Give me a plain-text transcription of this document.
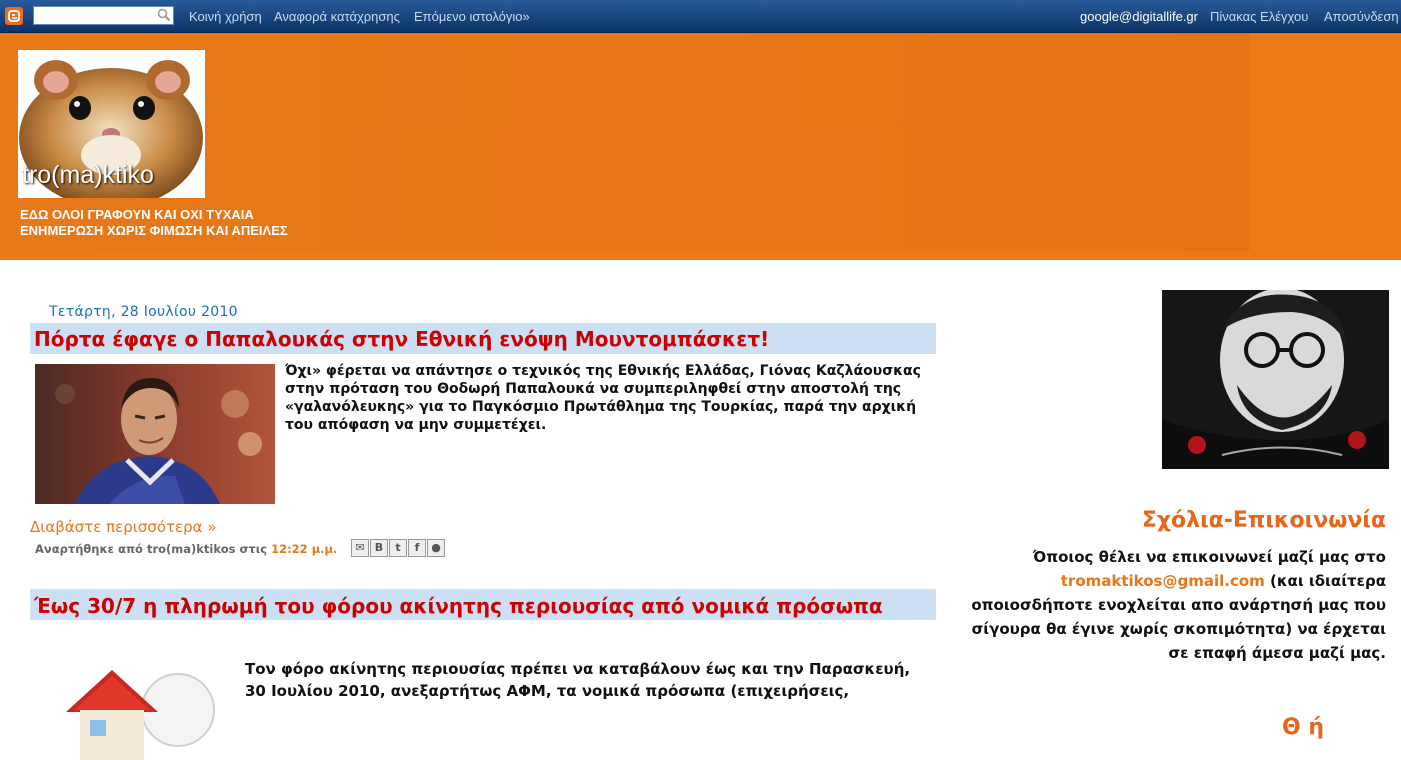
Κοινή χρήση Αναφορά κατάχρησης Επόμενο ιστολόγιο»	google@digitallife.gr Πίνακας Ελέγχου Αποσύνδεση
tro(ma)ktiko
ΕΔΩ ΟΛΟΙ ΓΡΑΦΟΥΝ ΚΑΙ ΟΧΙ ΤΥΧΑΙΑ
ΕΝΗΜΕΡΩΣΗ ΧΩΡΙΣ ΦΙΜΩΣΗ ΚΑΙ ΑΠΕΙΛΕΣ
Τετάρτη, 28 Ιουλίου 2010
Πόρτα έφαγε ο Παπαλουκάς στην Εθνική ενόψη Μουντομπάσκετ!
Όχι» φέρεται να απάντησε ο τεχνικός της Εθνικής Ελλάδας, Γιόνας Καζλάουσκας στην πρόταση του Θοδωρή Παπαλουκά να συμπεριληφθεί στην αποστολή της «γαλανόλευκης» για το Παγκόσμιο Πρωτάθλημα της Τουρκίας, παρά την αρχική του απόφαση να μην συμμετέχει.
Διαβάστε περισσότερα »
Αναρτήθηκε από tro(ma)ktikos στις 12:22 μ.μ.	✉ B t f ●
Έως 30/7 η πληρωμή του φόρου ακίνητης περιουσίας από νομικά πρόσωπα
Τον φόρο ακίνητης περιουσίας πρέπει να καταβάλουν έως και την Παρασκευή,
30 Ιουλίου 2010, ανεξαρτήτως ΑΦΜ, τα νομικά πρόσωπα (επιχειρήσεις,
Σχόλια-Επικοινωνία
Όποιος θέλει να επικοινωνεί μαζί μας στο
tromaktikos@gmail.com (και ιδιαίτερα οποιοσδήποτε ενοχλείται απο ανάρτησή μας που σίγουρα θα έγινε χωρίς σκοπιμότητα) να έρχεται σε επαφή άμεσα μαζί μας.
Θ ή
